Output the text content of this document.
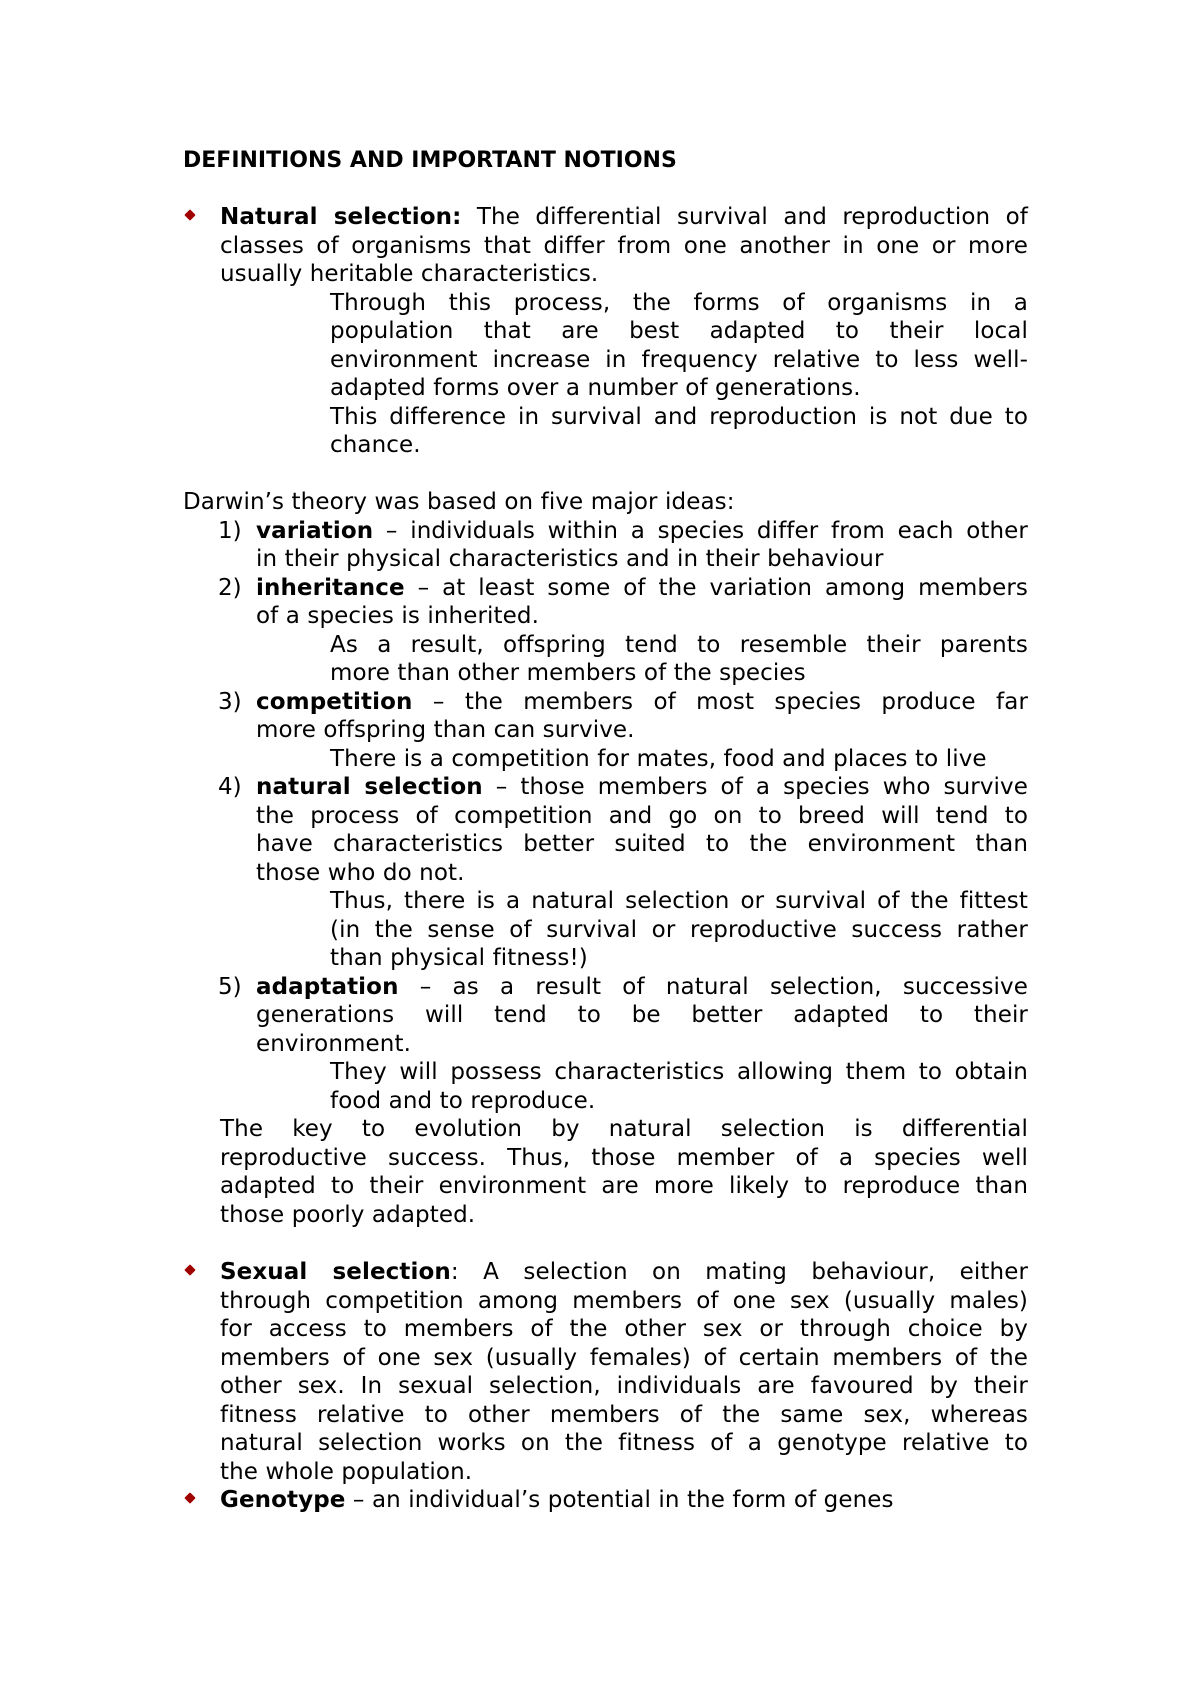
DEFINITIONS AND IMPORTANT NOTIONS
Natural selection: The differential survival and reproduction of
classes of organisms that differ from one another in one or more
usually heritable characteristics.
Through this process, the forms of organisms in a
population that are best adapted to their local
environment increase in frequency relative to less well-
adapted forms over a number of generations.
This difference in survival and reproduction is not due to
chance.
Darwin’s theory was based on five major ideas:
1) variation – individuals within a species differ from each other
in their physical characteristics and in their behaviour
2) inheritance – at least some of the variation among members
of a species is inherited.
As a result, offspring tend to resemble their parents
more than other members of the species
3) competition – the members of most species produce far
more offspring than can survive.
There is a competition for mates, food and places to live
4) natural selection – those members of a species who survive
the process of competition and go on to breed will tend to
have characteristics better suited to the environment than
those who do not.
Thus, there is a natural selection or survival of the fittest
(in the sense of survival or reproductive success rather
than physical fitness!)
5) adaptation – as a result of natural selection, successive
generations will tend to be better adapted to their
environment.
They will possess characteristics allowing them to obtain
food and to reproduce.
The key to evolution by natural selection is differential
reproductive success. Thus, those member of a species well
adapted to their environment are more likely to reproduce than
those poorly adapted.
Sexual selection: A selection on mating behaviour, either
through competition among members of one sex (usually males)
for access to members of the other sex or through choice by
members of one sex (usually females) of certain members of the
other sex. In sexual selection, individuals are favoured by their
fitness relative to other members of the same sex, whereas
natural selection works on the fitness of a genotype relative to
the whole population.
Genotype – an individual’s potential in the form of genes
